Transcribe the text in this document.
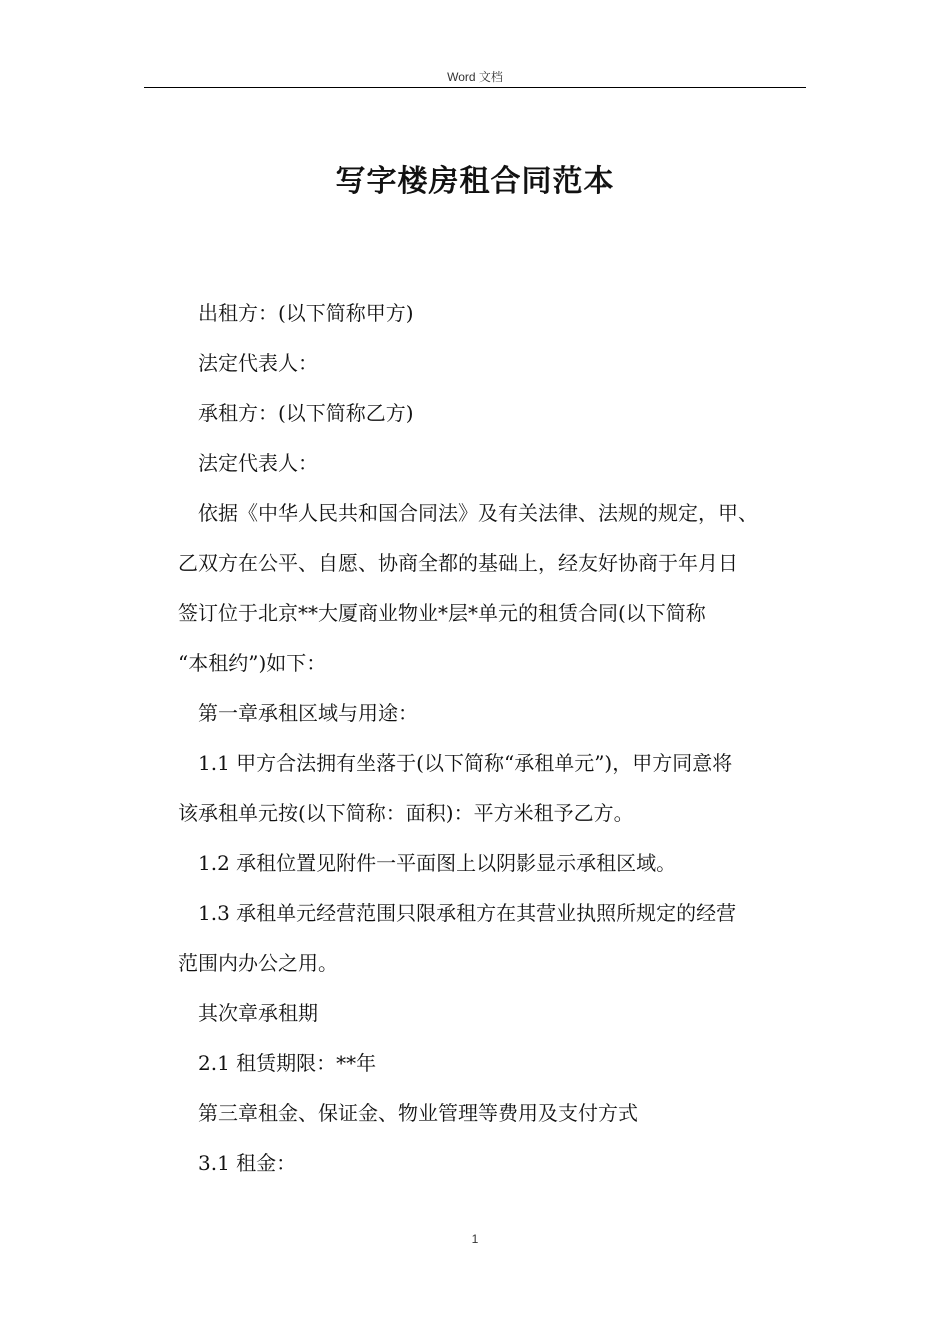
Word 文档
写字楼房租合同范本

出租方：(以下简称甲方)

法定代表人：

承租方：(以下简称乙方)

法定代表人：

依据《中华人民共和国合同法》及有关法律、法规的规定，甲、

乙双方在公平、自愿、协商全都的基础上，经友好协商于年月日

签订位于北京**大厦商业物业*层*单元的租赁合同(以下简称

“本租约”)如下：

第一章承租区域与用途：

1.1 甲方合法拥有坐落于(以下简称“承租单元”)，甲方同意将

该承租单元按(以下简称：面积)：平方米租予乙方。

1.2 承租位置见附件一平面图上以阴影显示承租区域。

1.3 承租单元经营范围只限承租方在其营业执照所规定的经营

范围内办公之用。

其次章承租期

2.1 租赁期限：**年

第三章租金、保证金、物业管理等费用及支付方式

3.1 租金：

1
